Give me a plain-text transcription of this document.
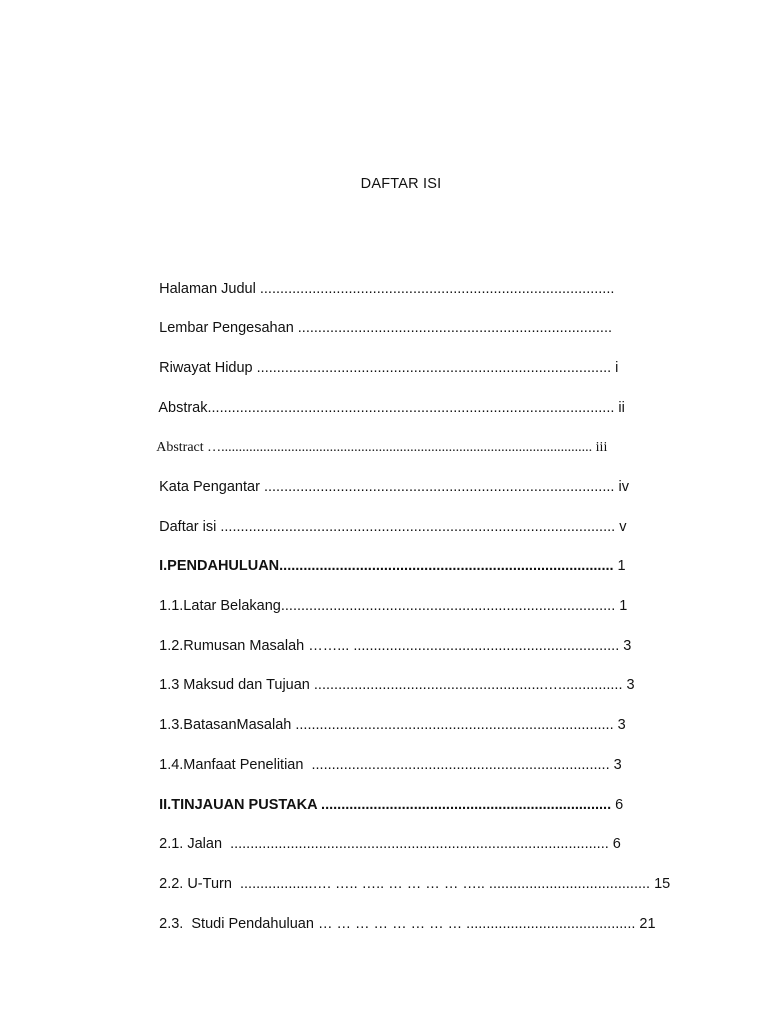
DAFTAR ISI

Halaman Judul ........................................................................................

Lembar Pengesahan ..............................................................................

Riwayat Hidup ........................................................................................ i

Abstrak..................................................................................................... ii

Abstract ….......................................................................................................... iii

Kata Pengantar ....................................................................................... iv

Daftar isi .................................................................................................. v

I.PENDAHULUAN................................................................................... 1

1.1.Latar Belakang................................................................................... 1

1.2.Rumusan Masalah ……... .................................................................. 3

1.3 Maksud dan Tujuan .........................................................…................ 3

1.3.BatasanMasalah ............................................................................... 3

1.4.Manfaat Penelitian  .......................................................................... 3

II.TINJAUAN PUSTAKA ........................................................................ 6

2.1. Jalan  .............................................................................................. 6

2.2. U-Turn  ..................…. ….. ….. … … … … ….. ........................................ 15

2.3.  Studi Pendahuluan … … … … … … … … .......................................... 21
